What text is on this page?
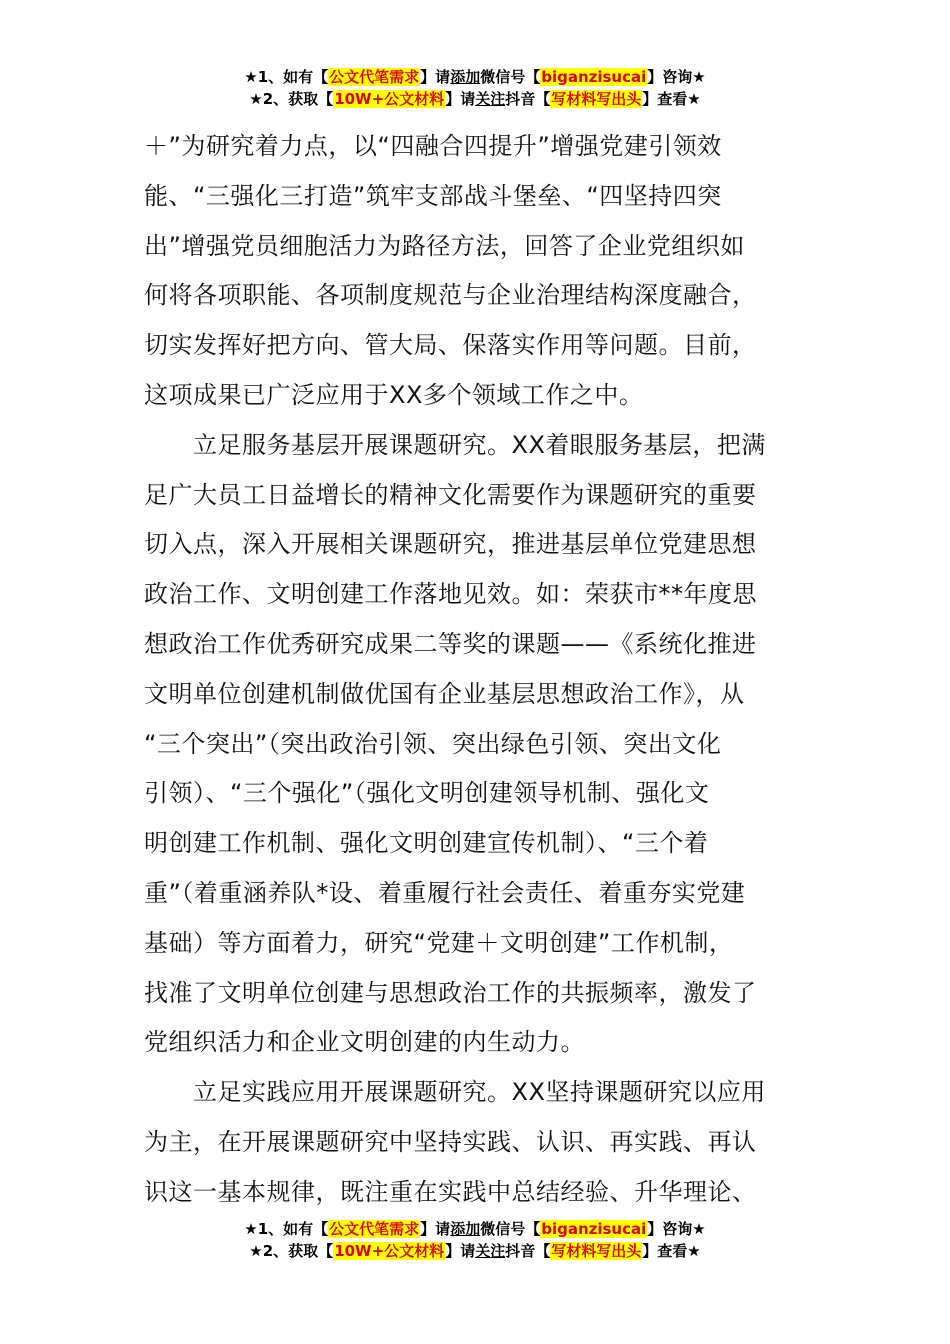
★1、如有【公文代笔需求】请添加微信号【biganzisucai】咨询★
★2、获取【10W+公文材料】请关注抖音【写材料写出头】查看★
＋”为研究着力点，以“四融合四提升”增强党建引领效
能、“三强化三打造”筑牢支部战斗堡垒、“四坚持四突
出”增强党员细胞活力为路径方法，回答了企业党组织如
何将各项职能、各项制度规范与企业治理结构深度融合，
切实发挥好把方向、管大局、保落实作用等问题。目前，
这项成果已广泛应用于XX多个领域工作之中。
　　立足服务基层开展课题研究。XX着眼服务基层，把满
足广大员工日益增长的精神文化需要作为课题研究的重要
切入点，深入开展相关课题研究，推进基层单位党建思想
政治工作、文明创建工作落地见效。如：荣获市**年度思
想政治工作优秀研究成果二等奖的课题——《系统化推进
文明单位创建机制做优国有企业基层思想政治工作》，从
“三个突出”（突出政治引领、突出绿色引领、突出文化
引领）、“三个强化”（强化文明创建领导机制、强化文
明创建工作机制、强化文明创建宣传机制）、“三个着
重”（着重涵养队*设、着重履行社会责任、着重夯实党建
基础）等方面着力，研究“党建＋文明创建”工作机制，
找准了文明单位创建与思想政治工作的共振频率，激发了
党组织活力和企业文明创建的内生动力。
　　立足实践应用开展课题研究。XX坚持课题研究以应用
为主，在开展课题研究中坚持实践、认识、再实践、再认
识这一基本规律，既注重在实践中总结经验、升华理论、
★1、如有【公文代笔需求】请添加微信号【biganzisucai】咨询★
★2、获取【10W+公文材料】请关注抖音【写材料写出头】查看★
